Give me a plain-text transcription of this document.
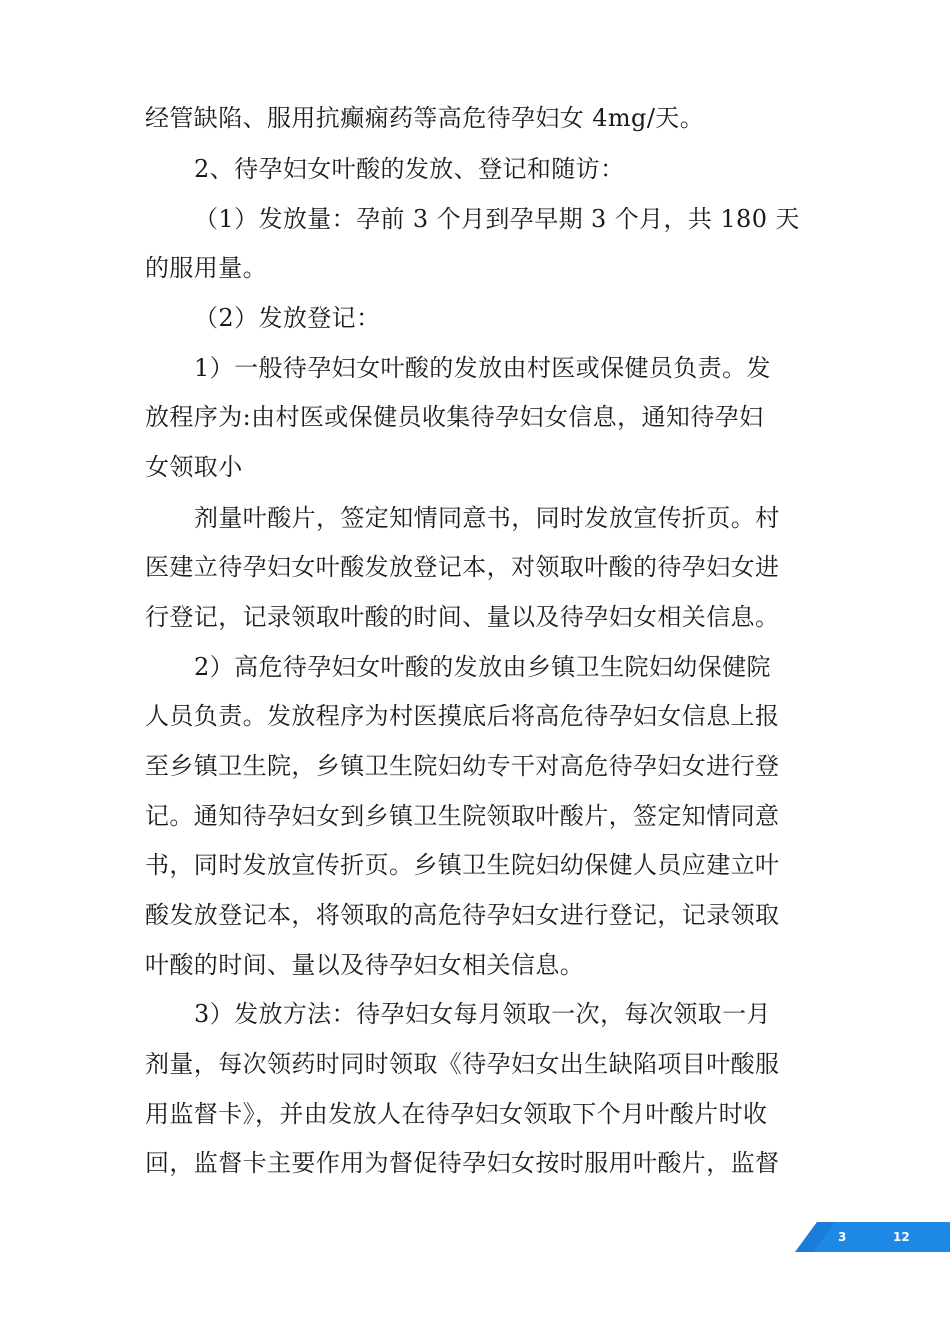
经管缺陷、服用抗癫痫药等高危待孕妇女 4mg/天。
2、待孕妇女叶酸的发放、登记和随访：
（1）发放量：孕前 3 个月到孕早期 3 个月，共 180 天
的服用量。
（2）发放登记：
1）一般待孕妇女叶酸的发放由村医或保健员负责。发
放程序为:由村医或保健员收集待孕妇女信息，通知待孕妇
女领取小
剂量叶酸片，签定知情同意书，同时发放宣传折页。村
医建立待孕妇女叶酸发放登记本，对领取叶酸的待孕妇女进
行登记，记录领取叶酸的时间、量以及待孕妇女相关信息。
2）高危待孕妇女叶酸的发放由乡镇卫生院妇幼保健院
人员负责。发放程序为村医摸底后将高危待孕妇女信息上报
至乡镇卫生院，乡镇卫生院妇幼专干对高危待孕妇女进行登
记。通知待孕妇女到乡镇卫生院领取叶酸片，签定知情同意
书，同时发放宣传折页。乡镇卫生院妇幼保健人员应建立叶
酸发放登记本，将领取的高危待孕妇女进行登记，记录领取
叶酸的时间、量以及待孕妇女相关信息。
3）发放方法：待孕妇女每月领取一次，每次领取一月
剂量，每次领药时同时领取《待孕妇女出生缺陷项目叶酸服
用监督卡》，并由发放人在待孕妇女领取下个月叶酸片时收
回，监督卡主要作用为督促待孕妇女按时服用叶酸片，监督
3	12
